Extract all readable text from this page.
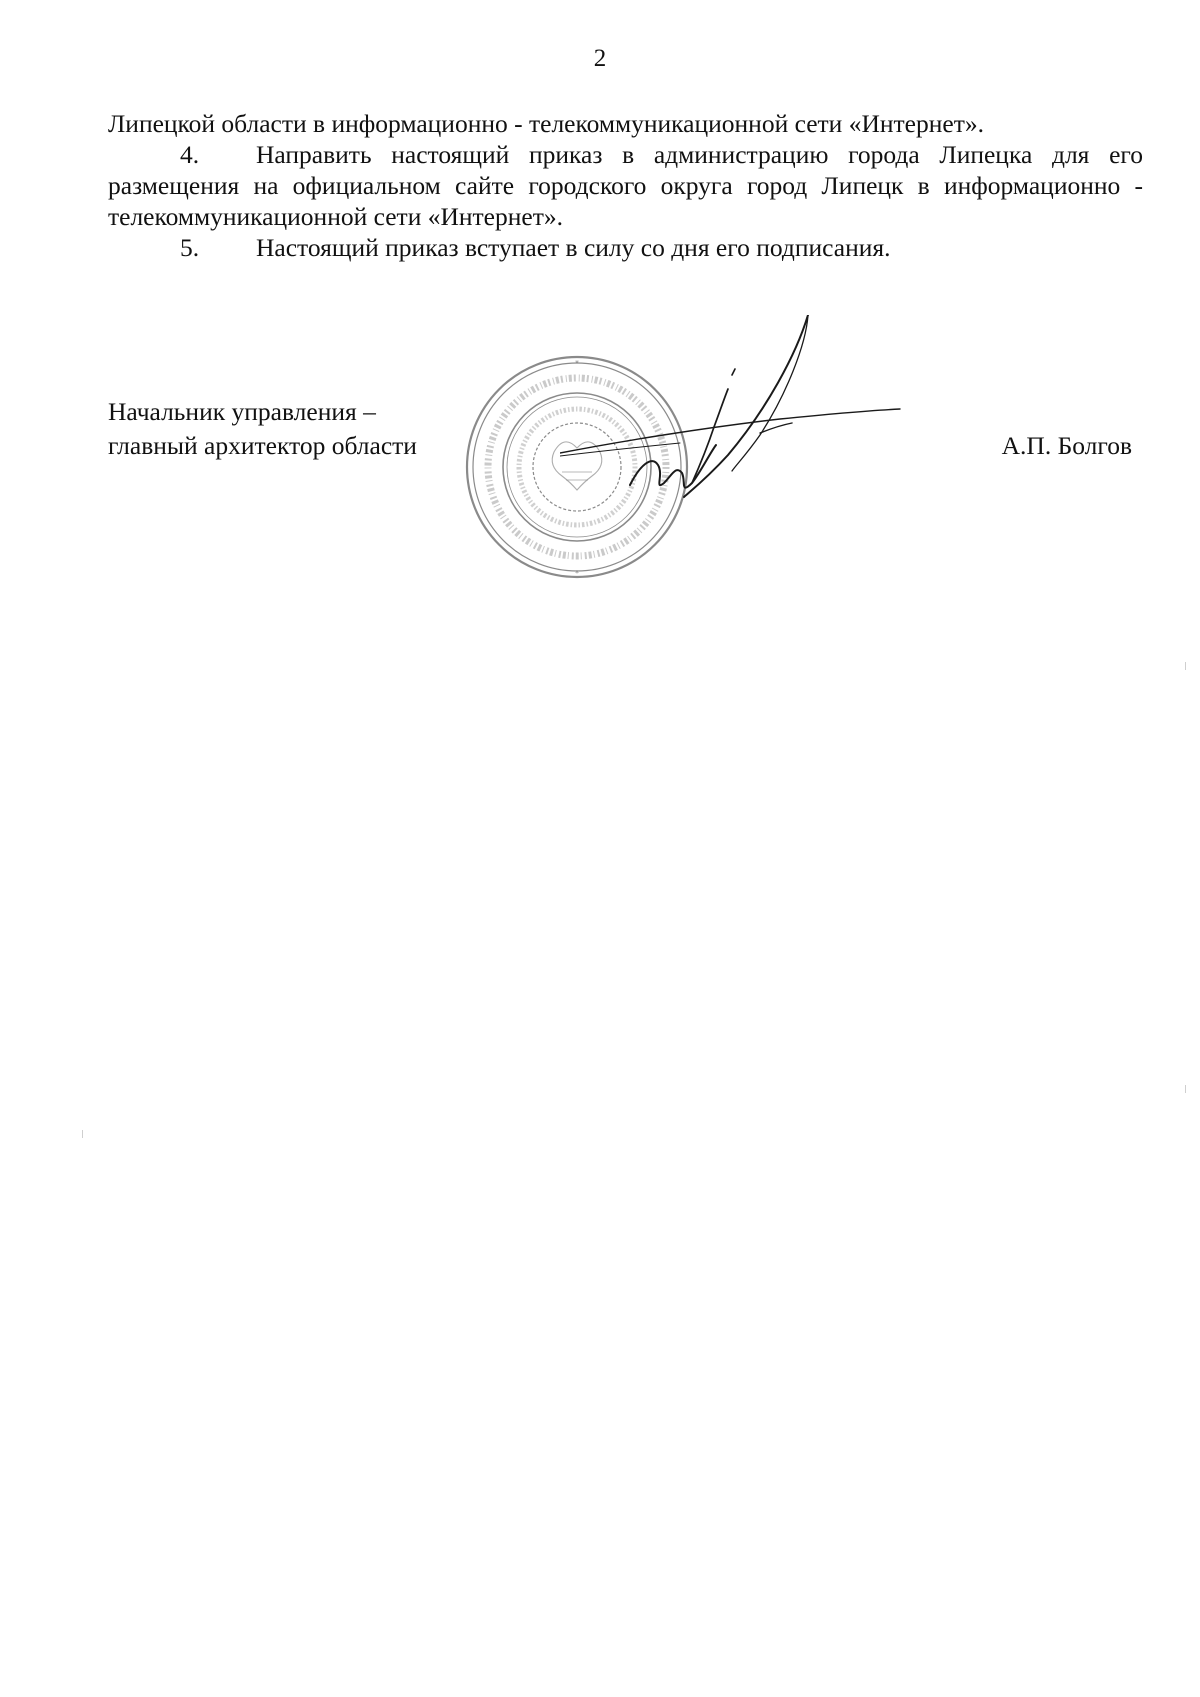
2

Липецкой области в информационно - телекоммуникационной сети «Интернет».

4. Направить настоящий приказ в администрацию города Липецка для его размещения на официальном сайте городского округа город Липецк в информационно - телекоммуникационной сети «Интернет».

5. Настоящий приказ вступает в силу со дня его подписания.

Начальник управления –
главный архитектор области
*
*
А.П. Болгов
